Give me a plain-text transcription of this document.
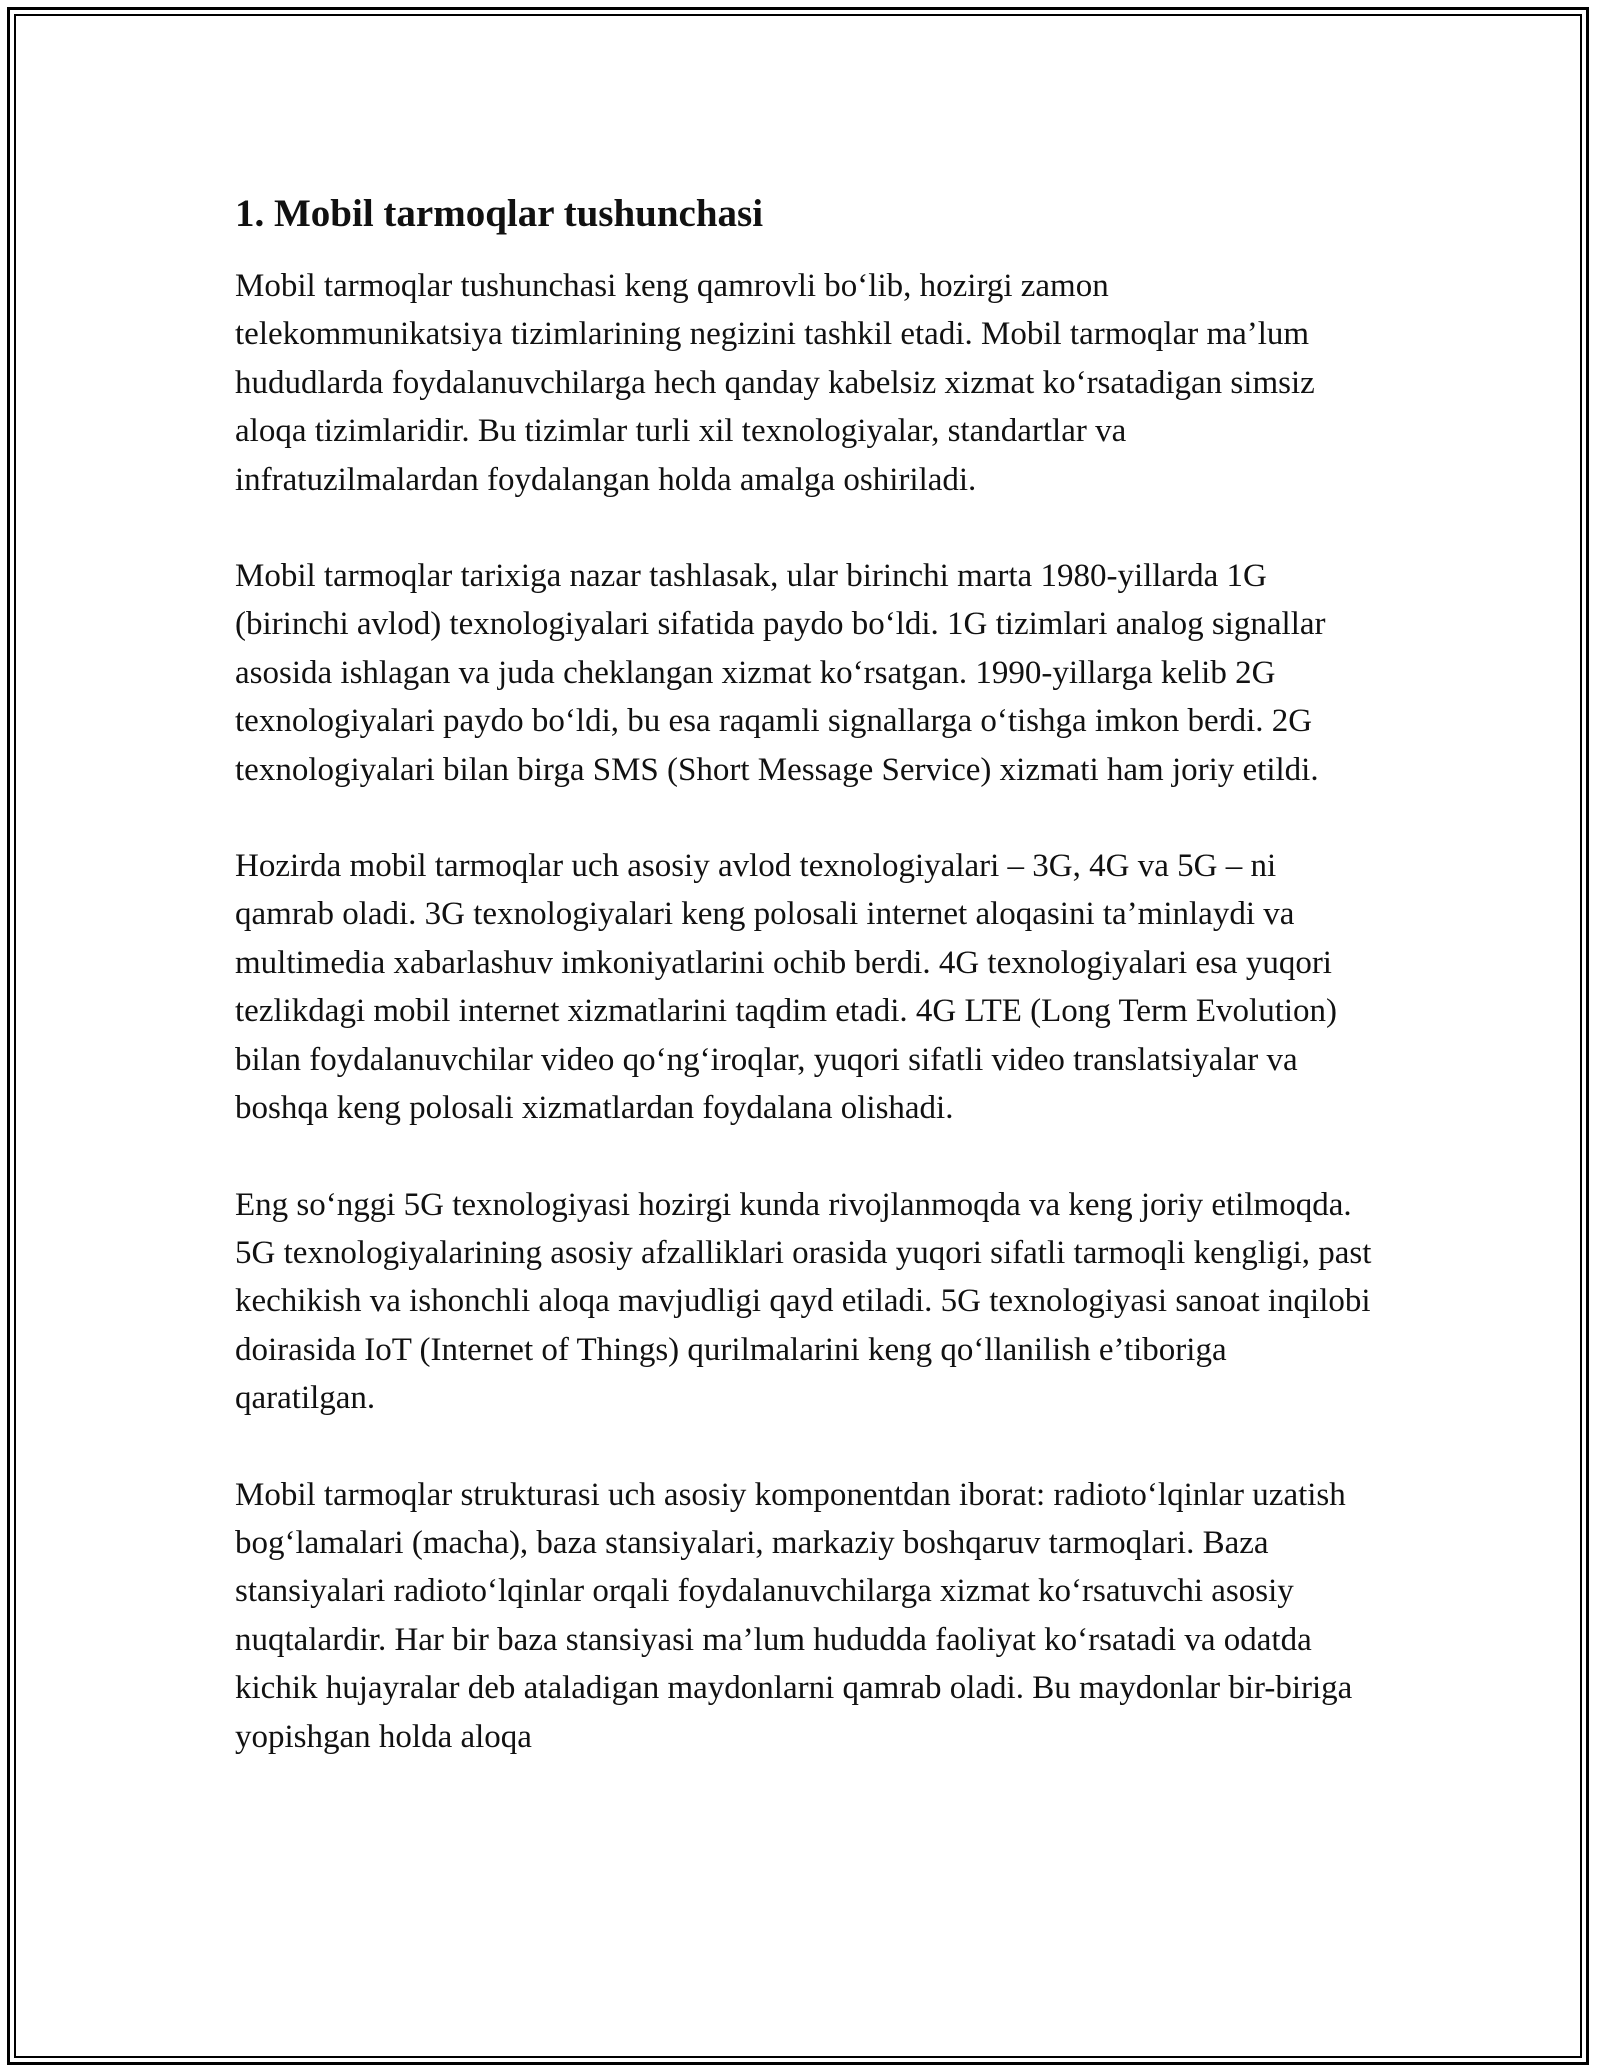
1. Mobil tarmoqlar tushunchasi

Mobil tarmoqlar tushunchasi keng qamrovli bo‘lib, hozirgi zamon telekommunikatsiya tizimlarining negizini tashkil etadi. Mobil tarmoqlar ma’lum hududlarda foydalanuvchilarga hech qanday kabelsiz xizmat ko‘rsatadigan simsiz aloqa tizimlaridir. Bu tizimlar turli xil texnologiyalar, standartlar va infratuzilmalardan foydalangan holda amalga oshiriladi.

Mobil tarmoqlar tarixiga nazar tashlasak, ular birinchi marta 1980-yillarda 1G (birinchi avlod) texnologiyalari sifatida paydo bo‘ldi. 1G tizimlari analog signallar asosida ishlagan va juda cheklangan xizmat ko‘rsatgan. 1990-yillarga kelib 2G texnologiyalari paydo bo‘ldi, bu esa raqamli signallarga o‘tishga imkon berdi. 2G texnologiyalari bilan birga SMS (Short Message Service) xizmati ham joriy etildi.

Hozirda mobil tarmoqlar uch asosiy avlod texnologiyalari – 3G, 4G va 5G – ni qamrab oladi. 3G texnologiyalari keng polosali internet aloqasini ta’minlaydi va multimedia xabarlashuv imkoniyatlarini ochib berdi. 4G texnologiyalari esa yuqori tezlikdagi mobil internet xizmatlarini taqdim etadi. 4G LTE (Long Term Evolution) bilan foydalanuvchilar video qo‘ng‘iroqlar, yuqori sifatli video translatsiyalar va boshqa keng polosali xizmatlardan foydalana olishadi.

Eng so‘nggi 5G texnologiyasi hozirgi kunda rivojlanmoqda va keng joriy etilmoqda. 5G texnologiyalarining asosiy afzalliklari orasida yuqori sifatli tarmoqli kengligi, past kechikish va ishonchli aloqa mavjudligi qayd etiladi. 5G texnologiyasi sanoat inqilobi doirasida IoT (Internet of Things) qurilmalarini keng qo‘llanilish e’tiboriga qaratilgan.

Mobil tarmoqlar strukturasi uch asosiy komponentdan iborat: radioto‘lqinlar uzatish bog‘lamalari (macha), baza stansiyalari, markaziy boshqaruv tarmoqlari. Baza stansiyalari radioto‘lqinlar orqali foydalanuvchilarga xizmat ko‘rsatuvchi asosiy nuqtalardir. Har bir baza stansiyasi ma’lum hududda faoliyat ko‘rsatadi va odatda kichik hujayralar deb ataladigan maydonlarni qamrab oladi. Bu maydonlar bir-biriga yopishgan holda aloqa
